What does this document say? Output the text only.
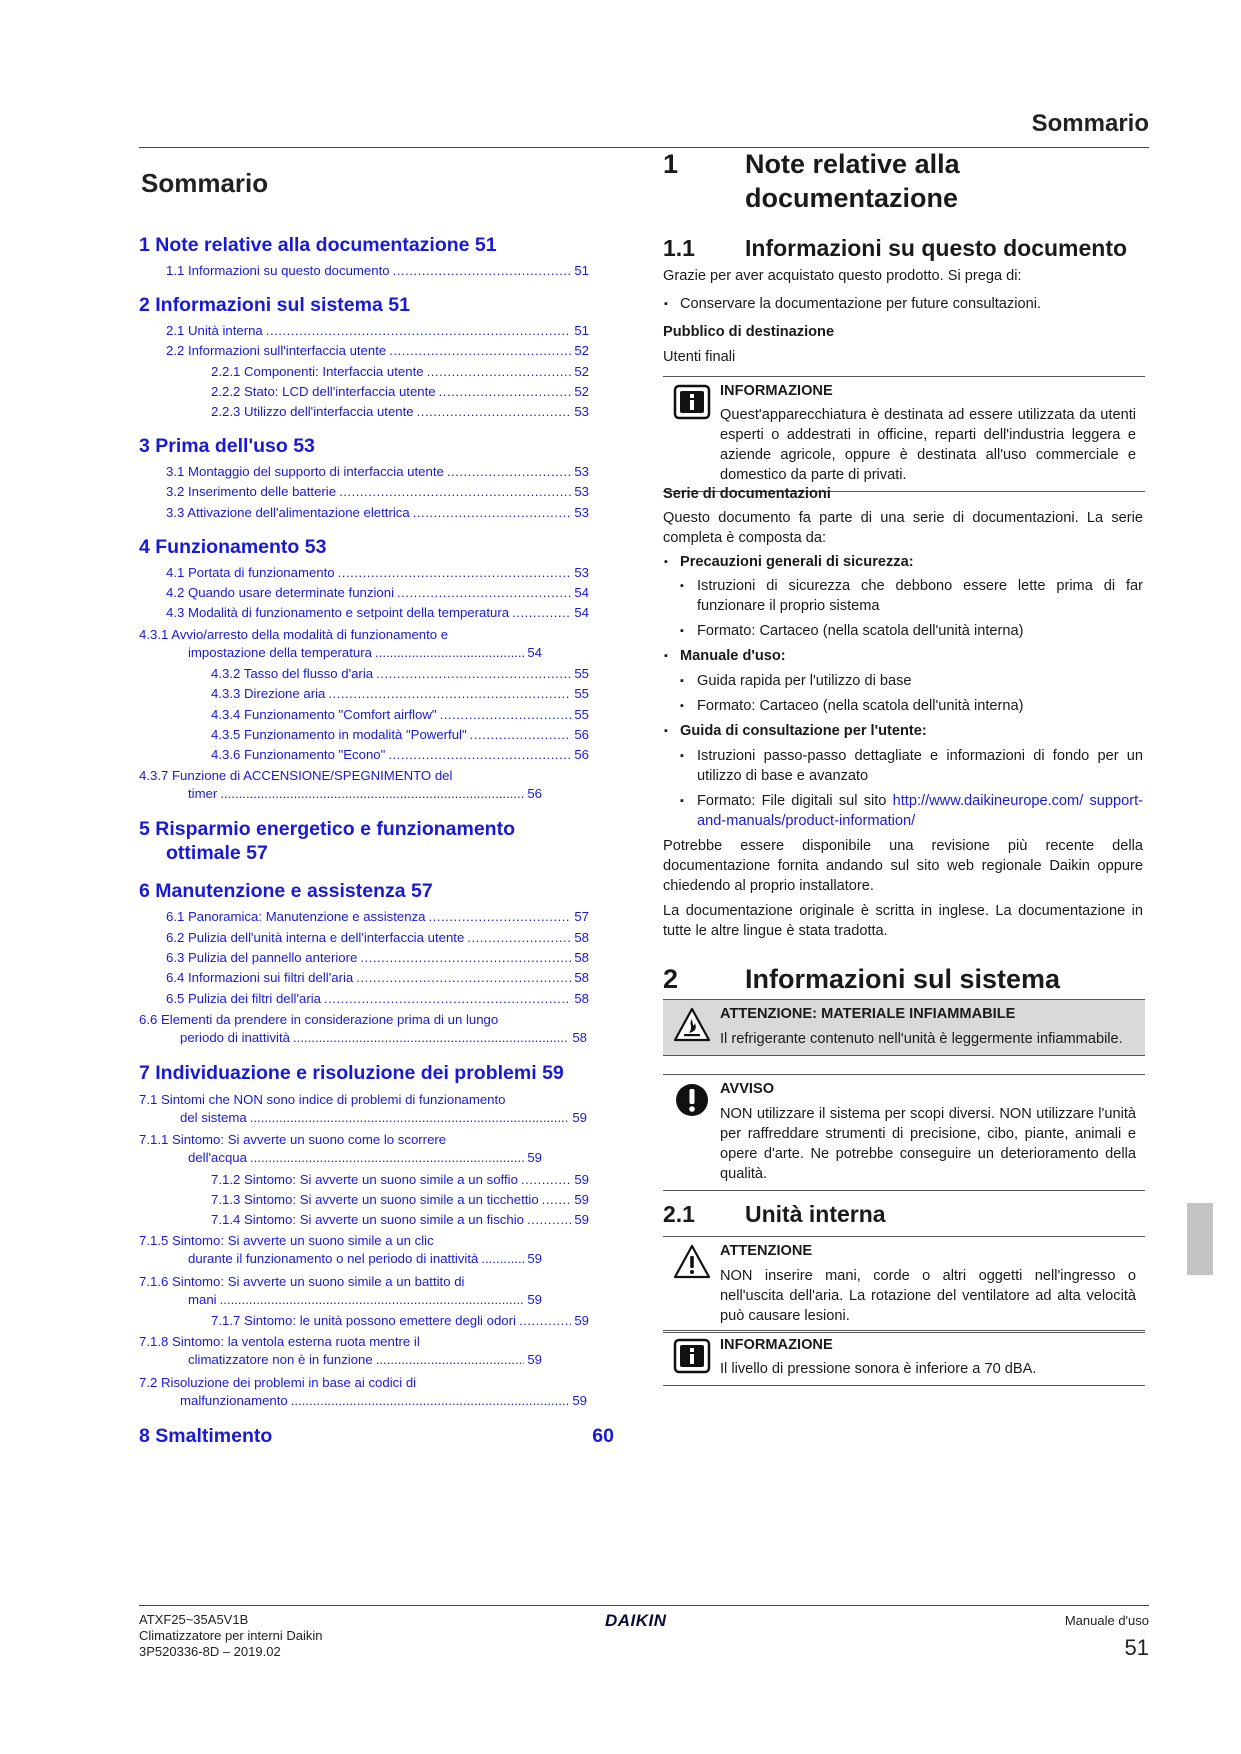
Sommario
Sommario
1 Note relative alla documentazione 51
1.1 Informazioni su questo documento .....	51
2 Informazioni sul sistema 51
2.1 Unità interna .....	51
2.2 Informazioni sull'interfaccia utente .....	52
2.2.1 Componenti: Interfaccia utente .....	52
2.2.2 Stato: LCD dell'interfaccia utente .....	52
2.2.3 Utilizzo dell'interfaccia utente .....	53
3 Prima dell'uso 53
3.1 Montaggio del supporto di interfaccia utente .....	53
3.2 Inserimento delle batterie .....	53
3.3 Attivazione dell'alimentazione elettrica .....	53
4 Funzionamento 53
4.1 Portata di funzionamento .....	53
4.2 Quando usare determinate funzioni .....	54
4.3 Modalità di funzionamento e setpoint della temperatura .....	54
4.3.1 Avvio/arresto della modalità di funzionamento e
impostazione della temperatura .....	54
4.3.2 Tasso del flusso d'aria .....	55
4.3.3 Direzione aria .....	55
4.3.4 Funzionamento "Comfort airflow" .....	55
4.3.5 Funzionamento in modalità "Powerful" .....	56
4.3.6 Funzionamento "Econo" .....	56
4.3.7 Funzione di ACCENSIONE/SPEGNIMENTO del
timer .....	56
5 Risparmio energetico e funzionamento
ottimale 57
6 Manutenzione e assistenza 57
6.1 Panoramica: Manutenzione e assistenza .....	57
6.2 Pulizia dell'unità interna e dell'interfaccia utente .....	58
6.3 Pulizia del pannello anteriore .....	58
6.4 Informazioni sui filtri dell'aria .....	58
6.5 Pulizia dei filtri dell'aria .....	58
6.6 Elementi da prendere in considerazione prima di un lungo
periodo di inattività .....	58
7 Individuazione e risoluzione dei problemi 59
7.1 Sintomi che NON sono indice di problemi di funzionamento
del sistema .....	59
7.1.1 Sintomo: Si avverte un suono come lo scorrere
dell'acqua .....	59
7.1.2 Sintomo: Si avverte un suono simile a un soffio .....	59
7.1.3 Sintomo: Si avverte un suono simile a un ticchettio .....	59
7.1.4 Sintomo: Si avverte un suono simile a un fischio .....	59
7.1.5 Sintomo: Si avverte un suono simile a un clic
durante il funzionamento o nel periodo di inattività .....	59
7.1.6 Sintomo: Si avverte un suono simile a un battito di
mani .....	59
7.1.7 Sintomo: le unità possono emettere degli odori .....	59
7.1.8 Sintomo: la ventola esterna ruota mentre il
climatizzatore non è in funzione .....	59
7.2 Risoluzione dei problemi in base ai codici di
malfunzionamento .....	59
8 Smaltimento	60
1	Note relative alla
documentazione
1.1	Informazioni su questo documento

Grazie per aver acquistato questo prodotto. Si prega di:

▪ Conservare la documentazione per future consultazioni.
Pubblico di destinazione

Utenti finali

INFORMAZIONE
Quest'apparecchiatura è destinata ad essere utilizzata da utenti esperti o addestrati in officine, reparti dell'industria leggera e aziende agricole, oppure è destinata all'uso commerciale e domestico da parte di privati.
Serie di documentazioni

Questo documento fa parte di una serie di documentazioni. La serie completa è composta da:

▪ Precauzioni generali di sicurezza:
▪ Istruzioni di sicurezza che debbono essere lette prima di far funzionare il proprio sistema
▪ Formato: Cartaceo (nella scatola dell'unità interna)
▪ Manuale d'uso:
▪ Guida rapida per l'utilizzo di base
▪ Formato: Cartaceo (nella scatola dell'unità interna)
▪ Guida di consultazione per l'utente:
▪ Istruzioni passo-passo dettagliate e informazioni di fondo per un utilizzo di base e avanzato
▪ Formato: File digitali sul sito http://www.daikineurope.com/ support-and-manuals/product-information/

Potrebbe essere disponibile una revisione più recente della documentazione fornita andando sul sito web regionale Daikin oppure chiedendo al proprio installatore.

La documentazione originale è scritta in inglese. La documentazione in tutte le altre lingue è stata tradotta.

2	Informazioni sul sistema
ATTENZIONE: MATERIALE INFIAMMABILE
Il refrigerante contenuto nell'unità è leggermente infiammabile.
AVVISO
NON utilizzare il sistema per scopi diversi. NON utilizzare l'unità per raffreddare strumenti di precisione, cibo, piante, animali e opere d'arte. Ne potrebbe conseguire un deterioramento della qualità.
2.1	Unità interna
ATTENZIONE
NON inserire mani, corde o altri oggetti nell'ingresso o nell'uscita dell'aria. La rotazione del ventilatore ad alta velocità può causare lesioni.
INFORMAZIONE
Il livello di pressione sonora è inferiore a 70 dBA.
ATXF25~35A5V1B
Climatizzatore per interni Daikin
3P520336-8D – 2019.02
DAIKIN	Manuale d'uso
51
